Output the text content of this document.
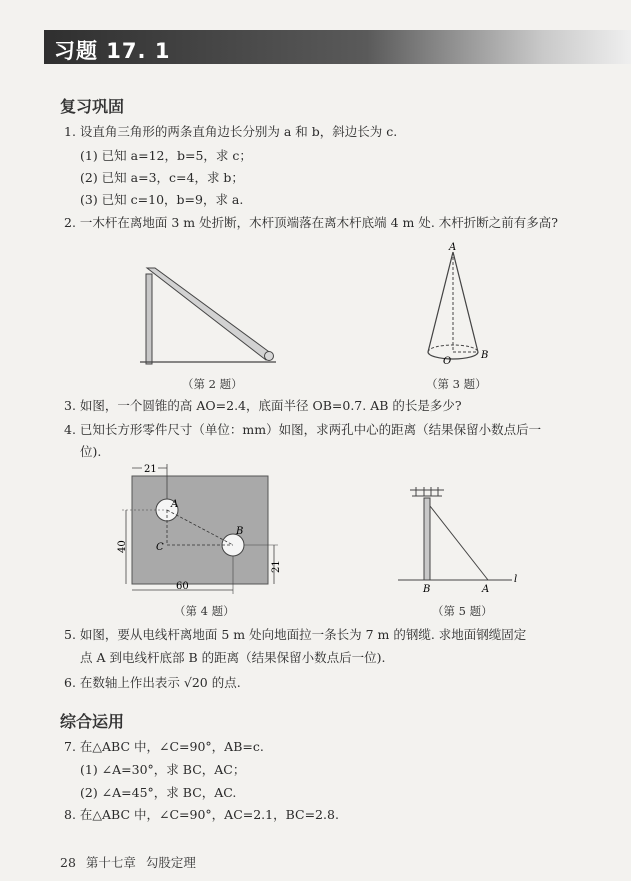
习题 17. 1
复习巩固
1. 设直角三角形的两条直角边长分别为 a 和 b，斜边长为 c.
(1) 已知 a=12，b=5，求 c；
(2) 已知 a=3，c=4，求 b；
(3) 已知 c=10，b=9，求 a.
2. 一木杆在离地面 3 m 处折断，木杆顶端落在离木杆底端 4 m 处. 木杆折断之前有多高?
（第 2 题）
A
O
B
（第 3 题）
3. 如图，一个圆锥的高 AO=2.4，底面半径 OB=0.7. AB 的长是多少?
4. 已知长方形零件尺寸（单位：mm）如图，求两孔中心的距离（结果保留小数点后一
位).
21
A
B
C
40
60
21
（第 4 题）
B	A
l
（第 5 题）
5. 如图，要从电线杆离地面 5 m 处向地面拉一条长为 7 m 的钢缆. 求地面钢缆固定
点 A 到电线杆底部 B 的距离（结果保留小数点后一位).
6. 在数轴上作出表示 √20 的点.
综合运用
7. 在△ABC 中，∠C=90°，AB=c.
(1) ∠A=30°，求 BC，AC；
(2) ∠A=45°，求 BC，AC.
8. 在△ABC 中，∠C=90°，AC=2.1，BC=2.8.
28 第十七章 勾股定理
